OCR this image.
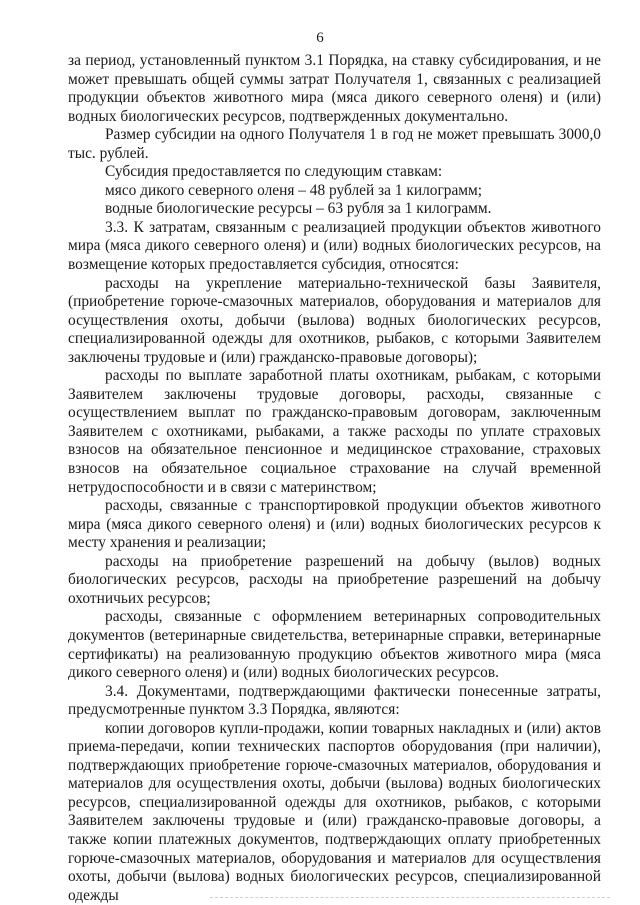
6

за период, установленный пунктом 3.1 Порядка, на ставку субсидирования, и не может превышать общей суммы затрат Получателя 1, связанных с реализацией продукции объектов животного мира (мяса дикого северного оленя) и (или) водных биологических ресурсов, подтвержденных документально.

Размер субсидии на одного Получателя 1 в год не может превышать 3000,0 тыс. рублей.

Субсидия предоставляется по следующим ставкам:

мясо дикого северного оленя – 48 рублей за 1 килограмм;

водные биологические ресурсы – 63 рубля за 1 килограмм.

3.3. К затратам, связанным с реализацией продукции объектов животного мира (мяса дикого северного оленя) и (или) водных биологических ресурсов, на возмещение которых предоставляется субсидия, относятся:

расходы на укрепление материально-технической базы Заявителя, (приобретение горюче-смазочных материалов, оборудования и материалов для осуществления охоты, добычи (вылова) водных биологических ресурсов, специализированной одежды для охотников, рыбаков, с которыми Заявителем заключены трудовые и (или) гражданско-правовые договоры);

расходы по выплате заработной платы охотникам, рыбакам, с которыми Заявителем заключены трудовые договоры, расходы, связанные с осуществлением выплат по гражданско-правовым договорам, заключенным Заявителем с охотниками, рыбаками, а также расходы по уплате страховых взносов на обязательное пенсионное и медицинское страхование, страховых взносов на обязательное социальное страхование на случай временной нетрудоспособности и в связи с материнством;

расходы, связанные с транспортировкой продукции объектов животного мира (мяса дикого северного оленя) и (или) водных биологических ресурсов к месту хранения и реализации;

расходы на приобретение разрешений на добычу (вылов) водных биологических ресурсов, расходы на приобретение разрешений на добычу охотничьих ресурсов;

расходы, связанные с оформлением ветеринарных сопроводительных документов (ветеринарные свидетельства, ветеринарные справки, ветеринарные сертификаты) на реализованную продукцию объектов животного мира (мяса дикого северного оленя) и (или) водных биологических ресурсов.

3.4. Документами, подтверждающими фактически понесенные затраты, предусмотренные пунктом 3.3 Порядка, являются:

копии договоров купли-продажи, копии товарных накладных и (или) актов приема-передачи, копии технических паспортов оборудования (при наличии), подтверждающих приобретение горюче-смазочных материалов, оборудования и материалов для осуществления охоты, добычи (вылова) водных биологических ресурсов, специализированной одежды для охотников, рыбаков, с которыми Заявителем заключены трудовые и (или) гражданско-правовые договоры, а также копии платежных документов, подтверждающих оплату приобретенных горюче-смазочных материалов, оборудования и материалов для осуществления охоты, добычи (вылова) водных биологических ресурсов, специализированной одежды
